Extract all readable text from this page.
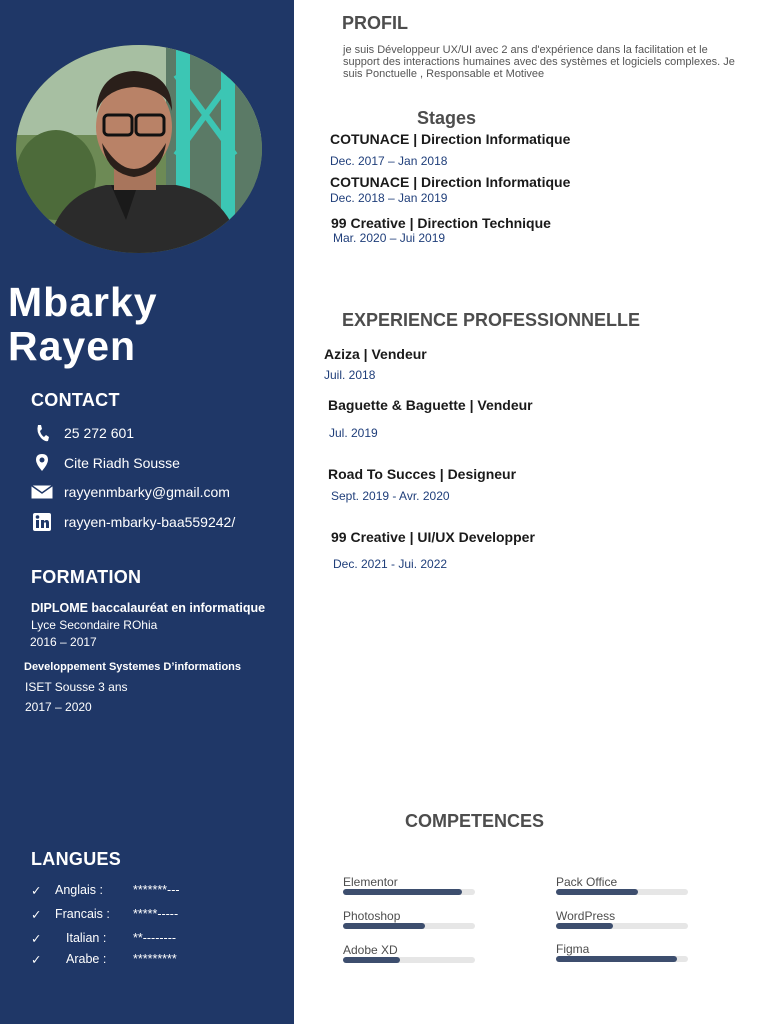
Mbarky
Rayen
CONTACT
25 272 601
Cite Riadh Sousse
rayyenmbarky@gmail.com
rayyen-mbarky-baa559242/
FORMATION
DIPLOME baccalauréat en informatique
Lyce Secondaire ROhia
2016 – 2017
Developpement Systemes D’informations
ISET Sousse 3 ans
2017 – 2020
LANGUES
✓ Anglais : *******---
✓ Francais : *****-----
✓ Italian : **--------
✓ Arabe : *********
PROFIL
je suis Développeur UX/UI avec 2 ans d'expérience dans la facilitation et le support des interactions humaines avec des systèmes et logiciels complexes. Je suis Ponctuelle , Responsable et Motivee
Stages
COTUNACE | Direction Informatique
Dec. 2017 – Jan 2018
COTUNACE | Direction Informatique
Dec. 2018 – Jan 2019
99 Creative | Direction Technique
Mar. 2020 – Jui 2019
EXPERIENCE PROFESSIONNELLE
Aziza | Vendeur
Juil. 2018
Baguette & Baguette | Vendeur
Jul. 2019
Road To Succes | Designeur
Sept. 2019 - Avr. 2020
99 Creative | UI/UX Developper
Dec. 2021 - Jui. 2022
COMPETENCES
Elementor	Pack Office
Photoshop	WordPress
Adobe XD	Figma
